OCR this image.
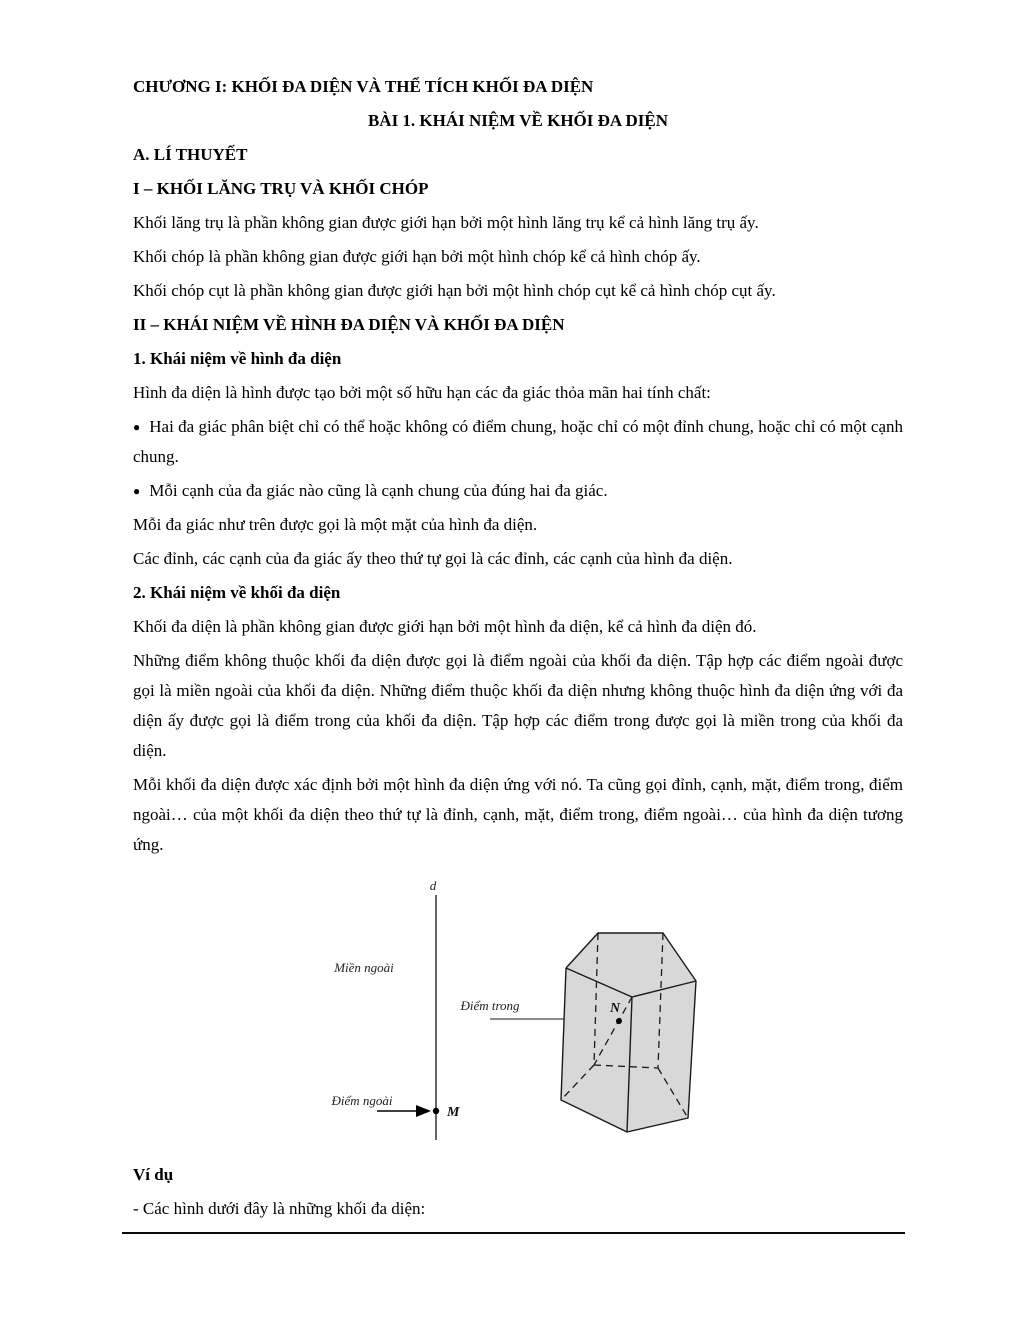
CHƯƠNG I: KHỐI ĐA DIỆN VÀ THỂ TÍCH KHỐI ĐA DIỆN
BÀI 1. KHÁI NIỆM VỀ KHỐI ĐA DIỆN
A. LÍ THUYẾT
I – KHỐI LĂNG TRỤ VÀ KHỐI CHÓP
Khối lăng trụ là phần không gian được giới hạn bởi một hình lăng trụ kể cả hình lăng trụ ấy.
Khối chóp là phần không gian được giới hạn bởi một hình chóp kể cả hình chóp ấy.
Khối chóp cụt là phần không gian được giới hạn bởi một hình chóp cụt kể cả hình chóp cụt ấy.
II – KHÁI NIỆM VỀ HÌNH ĐA DIỆN VÀ KHỐI ĐA DIỆN
1. Khái niệm về hình đa diện
Hình đa diện là hình được tạo bởi một số hữu hạn các đa giác thỏa mãn hai tính chất:
● Hai đa giác phân biệt chỉ có thể hoặc không có điểm chung, hoặc chỉ có một đỉnh chung, hoặc chỉ có một cạnh chung.
● Mỗi cạnh của đa giác nào cũng là cạnh chung của đúng hai đa giác.
Mỗi đa giác như trên được gọi là một mặt của hình đa diện.
Các đỉnh, các cạnh của đa giác ấy theo thứ tự gọi là các đỉnh, các cạnh của hình đa diện.
2. Khái niệm về khối đa diện
Khối đa diện là phần không gian được giới hạn bởi một hình đa diện, kể cả hình đa diện đó.
Những điểm không thuộc khối đa diện được gọi là điểm ngoài của khối đa diện. Tập hợp các điểm ngoài được gọi là miền ngoài của khối đa diện. Những điểm thuộc khối đa diện nhưng không thuộc hình đa diện ứng với đa diện ấy được gọi là điểm trong của khối đa diện. Tập hợp các điểm trong được gọi là miền trong của khối đa diện.
Mỗi khối đa diện được xác định bởi một hình đa diện ứng với nó. Ta cũng gọi đỉnh, cạnh, mặt, điểm trong, điểm ngoài… của một khối đa diện theo thứ tự là đỉnh, cạnh, mặt, điểm trong, điểm ngoài… của hình đa diện tương ứng.
d
Miền ngoài
Điểm trong
Điểm ngoài
N
M
Ví dụ
- Các hình dưới đây là những khối đa diện:
